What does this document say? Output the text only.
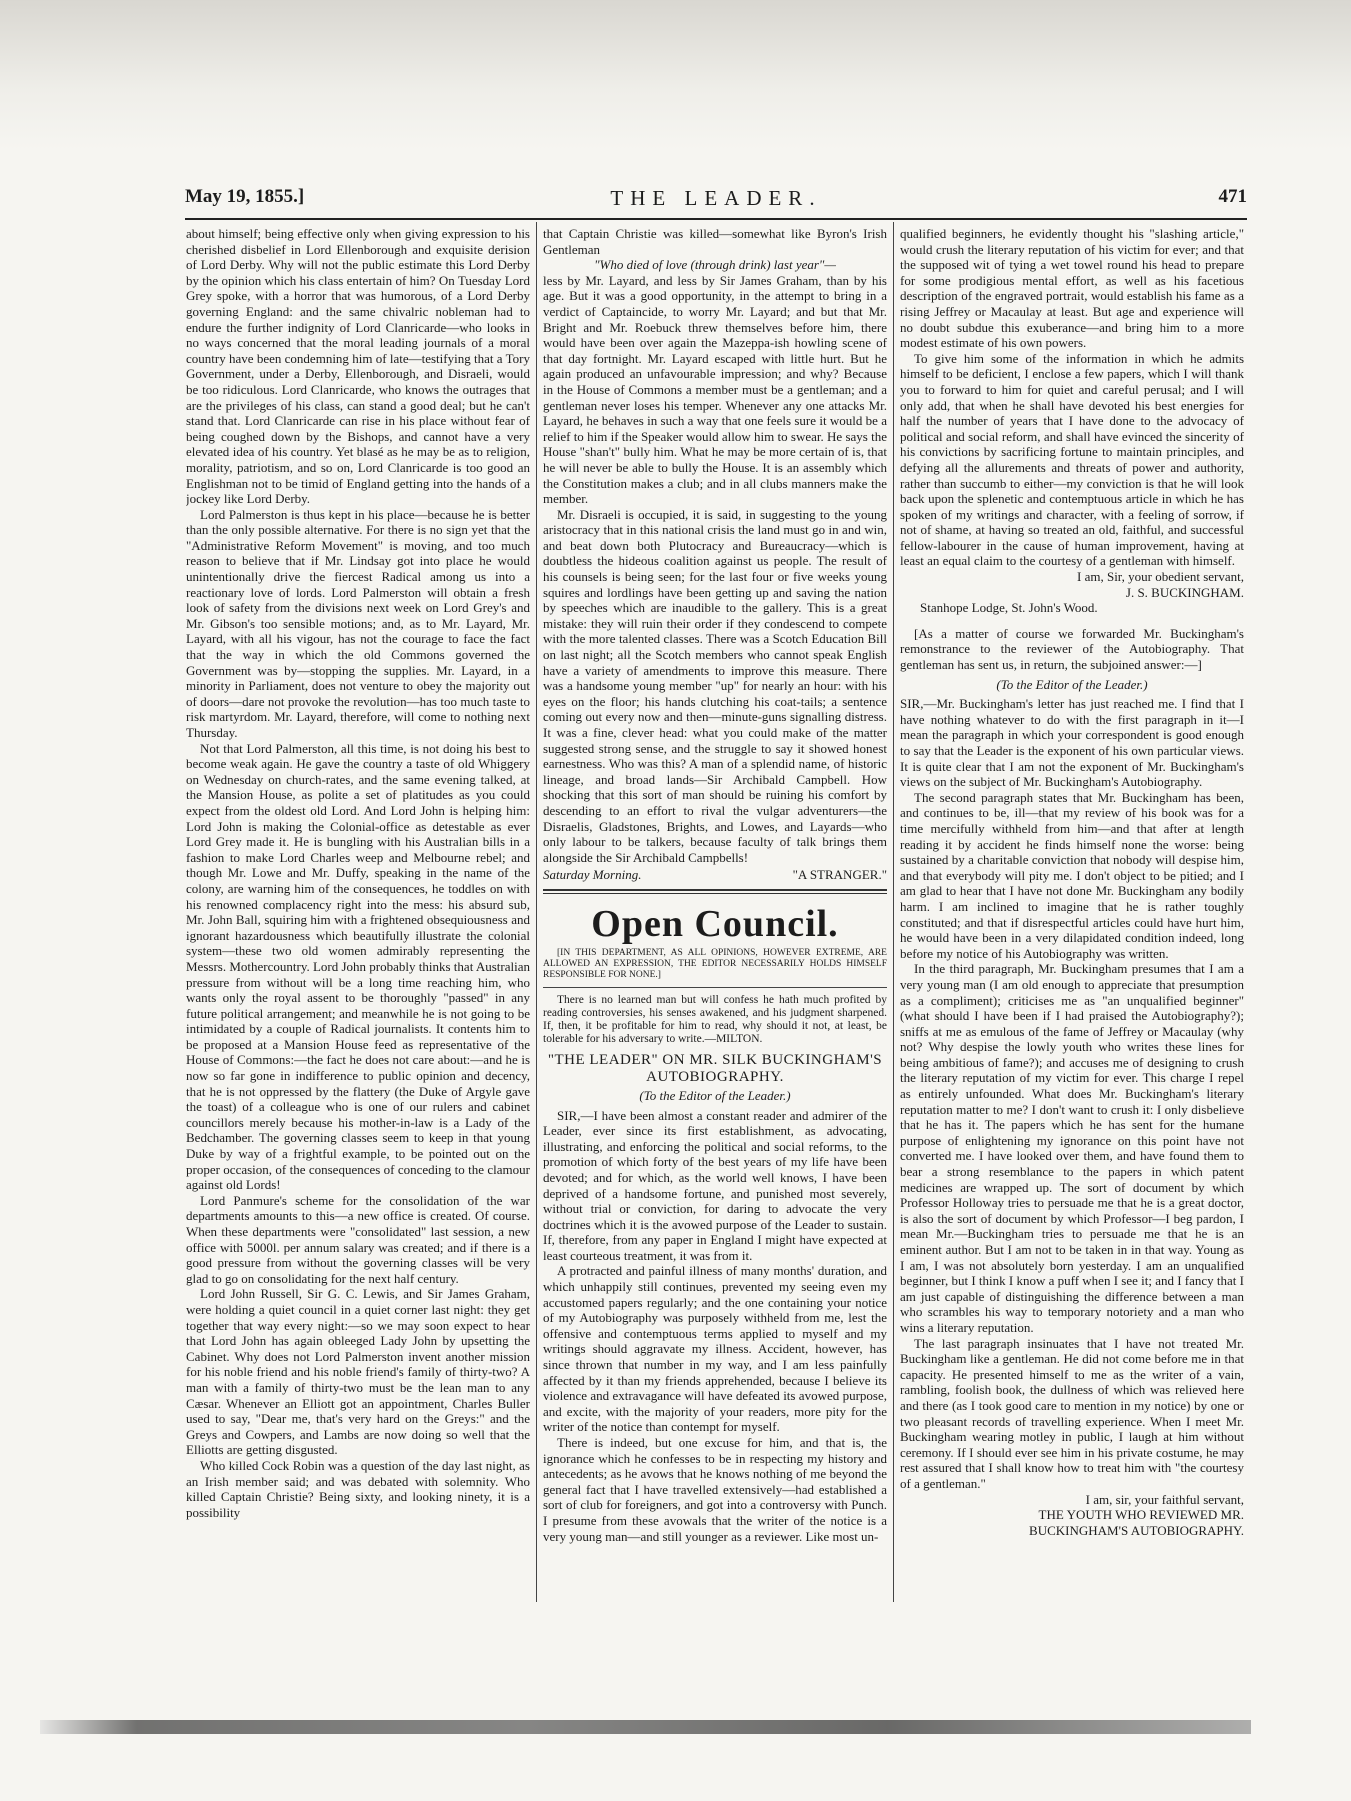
THE LEADER.
May 19, 1855.]	471

about himself; being effective only when giving expression to his cherished disbelief in Lord Ellenborough and exquisite derision of Lord Derby. Why will not the public estimate this Lord Derby by the opinion which his class entertain of him? On Tuesday Lord Grey spoke, with a horror that was humorous, of a Lord Derby governing England: and the same chivalric nobleman had to endure the further indignity of Lord Clanricarde—who looks in no ways concerned that the moral leading journals of a moral country have been condemning him of late—testifying that a Tory Government, under a Derby, Ellenborough, and Disraeli, would be too ridiculous. Lord Clanricarde, who knows the outrages that are the privileges of his class, can stand a good deal; but he can't stand that. Lord Clanricarde can rise in his place without fear of being coughed down by the Bishops, and cannot have a very elevated idea of his country. Yet blasé as he may be as to religion, morality, patriotism, and so on, Lord Clanricarde is too good an Englishman not to be timid of England getting into the hands of a jockey like Lord Derby.

Lord Palmerston is thus kept in his place—because he is better than the only possible alternative. For there is no sign yet that the "Administrative Reform Movement" is moving, and too much reason to believe that if Mr. Lindsay got into place he would unintentionally drive the fiercest Radical among us into a reactionary love of lords. Lord Palmerston will obtain a fresh look of safety from the divisions next week on Lord Grey's and Mr. Gibson's too sensible motions; and, as to Mr. Layard, Mr. Layard, with all his vigour, has not the courage to face the fact that the way in which the old Commons governed the Government was by—stopping the supplies. Mr. Layard, in a minority in Parliament, does not venture to obey the majority out of doors—dare not provoke the revolution—has too much taste to risk martyrdom. Mr. Layard, therefore, will come to nothing next Thursday.

Not that Lord Palmerston, all this time, is not doing his best to become weak again. He gave the country a taste of old Whiggery on Wednesday on church-rates, and the same evening talked, at the Mansion House, as polite a set of platitudes as you could expect from the oldest old Lord. And Lord John is helping him: Lord John is making the Colonial-office as detestable as ever Lord Grey made it. He is bungling with his Australian bills in a fashion to make Lord Charles weep and Melbourne rebel; and though Mr. Lowe and Mr. Duffy, speaking in the name of the colony, are warning him of the consequences, he toddles on with his renowned complacency right into the mess: his absurd sub, Mr. John Ball, squiring him with a frightened obsequiousness and ignorant hazardousness which beautifully illustrate the colonial system—these two old women admirably representing the Messrs. Mothercountry. Lord John probably thinks that Australian pressure from without will be a long time reaching him, who wants only the royal assent to be thoroughly "passed" in any future political arrangement; and meanwhile he is not going to be intimidated by a couple of Radical journalists. It contents him to be proposed at a Mansion House feed as representative of the House of Commons:—the fact he does not care about:—and he is now so far gone in indifference to public opinion and decency, that he is not oppressed by the flattery (the Duke of Argyle gave the toast) of a colleague who is one of our rulers and cabinet councillors merely because his mother-in-law is a Lady of the Bedchamber. The governing classes seem to keep in that young Duke by way of a frightful example, to be pointed out on the proper occasion, of the consequences of conceding to the clamour against old Lords!

Lord Panmure's scheme for the consolidation of the war departments amounts to this—a new office is created. Of course. When these departments were "consolidated" last session, a new office with 5000l. per annum salary was created; and if there is a good pressure from without the governing classes will be very glad to go on consolidating for the next half century.

Lord John Russell, Sir G. C. Lewis, and Sir James Graham, were holding a quiet council in a quiet corner last night: they get together that way every night:—so we may soon expect to hear that Lord John has again obleeged Lady John by upsetting the Cabinet. Why does not Lord Palmerston invent another mission for his noble friend and his noble friend's family of thirty-two? A man with a family of thirty-two must be the lean man to any Cæsar. Whenever an Elliott got an appointment, Charles Buller used to say, "Dear me, that's very hard on the Greys:" and the Greys and Cowpers, and Lambs are now doing so well that the Elliotts are getting disgusted.

Who killed Cock Robin was a question of the day last night, as an Irish member said; and was debated with solemnity. Who killed Captain Christie? Being sixty, and looking ninety, it is a possibility

that Captain Christie was killed—somewhat like Byron's Irish Gentleman

"Who died of love (through drink) last year"—

less by Mr. Layard, and less by Sir James Graham, than by his age. But it was a good opportunity, in the attempt to bring in a verdict of Captaincide, to worry Mr. Layard; and but that Mr. Bright and Mr. Roebuck threw themselves before him, there would have been over again the Mazeppa-ish howling scene of that day fortnight. Mr. Layard escaped with little hurt. But he again produced an unfavourable impression; and why? Because in the House of Commons a member must be a gentleman; and a gentleman never loses his temper. Whenever any one attacks Mr. Layard, he behaves in such a way that one feels sure it would be a relief to him if the Speaker would allow him to swear. He says the House "shan't" bully him. What he may be more certain of is, that he will never be able to bully the House. It is an assembly which the Constitution makes a club; and in all clubs manners make the member.

Mr. Disraeli is occupied, it is said, in suggesting to the young aristocracy that in this national crisis the land must go in and win, and beat down both Plutocracy and Bureaucracy—which is doubtless the hideous coalition against us people. The result of his counsels is being seen; for the last four or five weeks young squires and lordlings have been getting up and saving the nation by speeches which are inaudible to the gallery. This is a great mistake: they will ruin their order if they condescend to compete with the more talented classes. There was a Scotch Education Bill on last night; all the Scotch members who cannot speak English have a variety of amendments to improve this measure. There was a handsome young member "up" for nearly an hour: with his eyes on the floor; his hands clutching his coat-tails; a sentence coming out every now and then—minute-guns signalling distress. It was a fine, clever head: what you could make of the matter suggested strong sense, and the struggle to say it showed honest earnestness. Who was this? A man of a splendid name, of historic lineage, and broad lands—Sir Archibald Campbell. How shocking that this sort of man should be ruining his comfort by descending to an effort to rival the vulgar adventurers—the Disraelis, Gladstones, Brights, and Lowes, and Layards—who only labour to be talkers, because faculty of talk brings them alongside the Sir Archibald Campbells!

Saturday Morning.	"A STRANGER."
Open Council.

[IN THIS DEPARTMENT, AS ALL OPINIONS, HOWEVER EXTREME, ARE ALLOWED AN EXPRESSION, THE EDITOR NECESSARILY HOLDS HIMSELF RESPONSIBLE FOR NONE.]

There is no learned man but will confess he hath much profited by reading controversies, his senses awakened, and his judgment sharpened. If, then, it be profitable for him to read, why should it not, at least, be tolerable for his adversary to write.—MILTON.

"THE LEADER" ON MR. SILK BUCKINGHAM'S AUTOBIOGRAPHY.
(To the Editor of the Leader.)

SIR,—I have been almost a constant reader and admirer of the Leader, ever since its first establishment, as advocating, illustrating, and enforcing the political and social reforms, to the promotion of which forty of the best years of my life have been devoted; and for which, as the world well knows, I have been deprived of a handsome fortune, and punished most severely, without trial or conviction, for daring to advocate the very doctrines which it is the avowed purpose of the Leader to sustain. If, therefore, from any paper in England I might have expected at least courteous treatment, it was from it.

A protracted and painful illness of many months' duration, and which unhappily still continues, prevented my seeing even my accustomed papers regularly; and the one containing your notice of my Autobiography was purposely withheld from me, lest the offensive and contemptuous terms applied to myself and my writings should aggravate my illness. Accident, however, has since thrown that number in my way, and I am less painfully affected by it than my friends apprehended, because I believe its violence and extravagance will have defeated its avowed purpose, and excite, with the majority of your readers, more pity for the writer of the notice than contempt for myself.

There is indeed, but one excuse for him, and that is, the ignorance which he confesses to be in respecting my history and antecedents; as he avows that he knows nothing of me beyond the general fact that I have travelled extensively—had established a sort of club for foreigners, and got into a controversy with Punch. I presume from these avowals that the writer of the notice is a very young man—and still younger as a reviewer. Like most un-

qualified beginners, he evidently thought his "slashing article," would crush the literary reputation of his victim for ever; and that the supposed wit of tying a wet towel round his head to prepare for some prodigious mental effort, as well as his facetious description of the engraved portrait, would establish his fame as a rising Jeffrey or Macaulay at least. But age and experience will no doubt subdue this exuberance—and bring him to a more modest estimate of his own powers.

To give him some of the information in which he admits himself to be deficient, I enclose a few papers, which I will thank you to forward to him for quiet and careful perusal; and I will only add, that when he shall have devoted his best energies for half the number of years that I have done to the advocacy of political and social reform, and shall have evinced the sincerity of his convictions by sacrificing fortune to maintain principles, and defying all the allurements and threats of power and authority, rather than succumb to either—my conviction is that he will look back upon the splenetic and contemptuous article in which he has spoken of my writings and character, with a feeling of sorrow, if not of shame, at having so treated an old, faithful, and successful fellow-labourer in the cause of human improvement, having at least an equal claim to the courtesy of a gentleman with himself.

I am, Sir, your obedient servant,

J. S. BUCKINGHAM.

Stanhope Lodge, St. John's Wood.

[As a matter of course we forwarded Mr. Buckingham's remonstrance to the reviewer of the Autobiography. That gentleman has sent us, in return, the subjoined answer:—]

(To the Editor of the Leader.)

SIR,—Mr. Buckingham's letter has just reached me. I find that I have nothing whatever to do with the first paragraph in it—I mean the paragraph in which your correspondent is good enough to say that the Leader is the exponent of his own particular views. It is quite clear that I am not the exponent of Mr. Buckingham's views on the subject of Mr. Buckingham's Autobiography.

The second paragraph states that Mr. Buckingham has been, and continues to be, ill—that my review of his book was for a time mercifully withheld from him—and that after at length reading it by accident he finds himself none the worse: being sustained by a charitable conviction that nobody will despise him, and that everybody will pity me. I don't object to be pitied; and I am glad to hear that I have not done Mr. Buckingham any bodily harm. I am inclined to imagine that he is rather toughly constituted; and that if disrespectful articles could have hurt him, he would have been in a very dilapidated condition indeed, long before my notice of his Autobiography was written.

In the third paragraph, Mr. Buckingham presumes that I am a very young man (I am old enough to appreciate that presumption as a compliment); criticises me as "an unqualified beginner" (what should I have been if I had praised the Autobiography?); sniffs at me as emulous of the fame of Jeffrey or Macaulay (why not? Why despise the lowly youth who writes these lines for being ambitious of fame?); and accuses me of designing to crush the literary reputation of my victim for ever. This charge I repel as entirely unfounded. What does Mr. Buckingham's literary reputation matter to me? I don't want to crush it: I only disbelieve that he has it. The papers which he has sent for the humane purpose of enlightening my ignorance on this point have not converted me. I have looked over them, and have found them to bear a strong resemblance to the papers in which patent medicines are wrapped up. The sort of document by which Professor Holloway tries to persuade me that he is a great doctor, is also the sort of document by which Professor—I beg pardon, I mean Mr.—Buckingham tries to persuade me that he is an eminent author. But I am not to be taken in in that way. Young as I am, I was not absolutely born yesterday. I am an unqualified beginner, but I think I know a puff when I see it; and I fancy that I am just capable of distinguishing the difference between a man who scrambles his way to temporary notoriety and a man who wins a literary reputation.

The last paragraph insinuates that I have not treated Mr. Buckingham like a gentleman. He did not come before me in that capacity. He presented himself to me as the writer of a vain, rambling, foolish book, the dullness of which was relieved here and there (as I took good care to mention in my notice) by one or two pleasant records of travelling experience. When I meet Mr. Buckingham wearing motley in public, I laugh at him without ceremony. If I should ever see him in his private costume, he may rest assured that I shall know how to treat him with "the courtesy of a gentleman."

I am, sir, your faithful servant,

THE YOUTH WHO REVIEWED MR.

BUCKINGHAM'S AUTOBIOGRAPHY.
